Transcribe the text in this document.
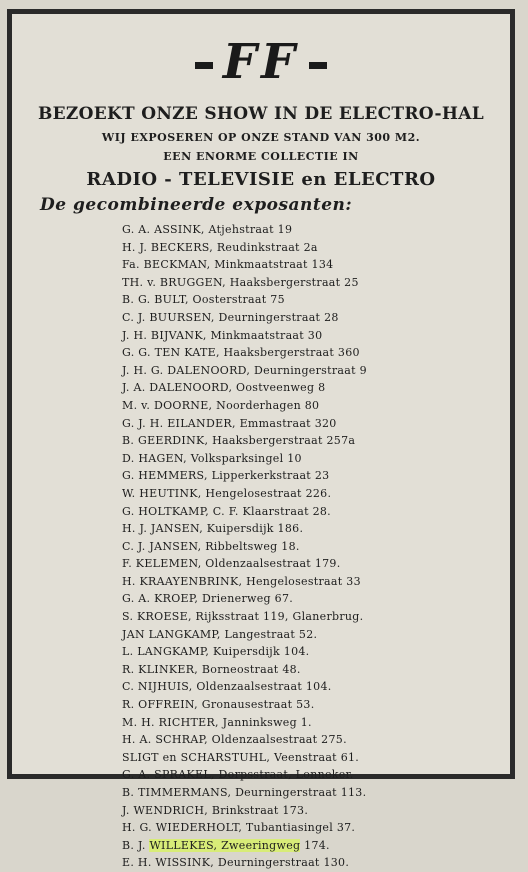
FF
BEZOEKT ONZE SHOW IN DE ELECTRO-HAL
WIJ EXPOSEREN OP ONZE STAND VAN 300 M2.
EEN ENORME COLLECTIE IN
RADIO - TELEVISIE en ELECTRO
De gecombineerde exposanten:
G. A. ASSINK, Atjehstraat 19
H. J. BECKERS, Reudinkstraat 2a
Fa. BECKMAN, Minkmaatstraat 134
TH. v. BRUGGEN, Haaksbergerstraat 25
B. G. BULT, Oosterstraat 75
C. J. BUURSEN, Deurningerstraat 28
J. H. BIJVANK, Minkmaatstraat 30
G. G. TEN KATE, Haaksbergerstraat 360
J. H. G. DALENOORD, Deurningerstraat 9
J. A. DALENOORD, Oostveenweg 8
M. v. DOORNE, Noorderhagen 80
G. J. H. EILANDER, Emmastraat 320
B. GEERDINK, Haaksbergerstraat 257a
D. HAGEN, Volksparksingel 10
G. HEMMERS, Lipperkerkstraat 23
W. HEUTINK, Hengelosestraat 226.
G. HOLTKAMP, C. F. Klaarstraat 28.
H. J. JANSEN, Kuipersdijk 186.
C. J. JANSEN, Ribbeltsweg 18.
F. KELEMEN, Oldenzaalsestraat 179.
H. KRAAYENBRINK, Hengelosestraat 33
G. A. KROEP, Drienerweg 67.
S. KROESE, Rijksstraat 119, Glanerbrug.
JAN LANGKAMP, Langestraat 52.
L. LANGKAMP, Kuipersdijk 104.
R. KLINKER, Borneostraat 48.
C. NIJHUIS, Oldenzaalsestraat 104.
R. OFFREIN, Gronausestraat 53.
M. H. RICHTER, Janninksweg 1.
H. A. SCHRAP, Oldenzaalsestraat 275.
SLIGT en SCHARSTUHL, Veenstraat 61.
G. A. SPRAKEL, Dorpsstraat, Lonneker.
B. TIMMERMANS, Deurningerstraat 113.
J. WENDRICH, Brinkstraat 173.
H. G. WIEDERHOLT, Tubantiasingel 37.
B. J. WILLEKES, Zweeringweg 174.
E. H. WISSINK, Deurningerstraat 130.
